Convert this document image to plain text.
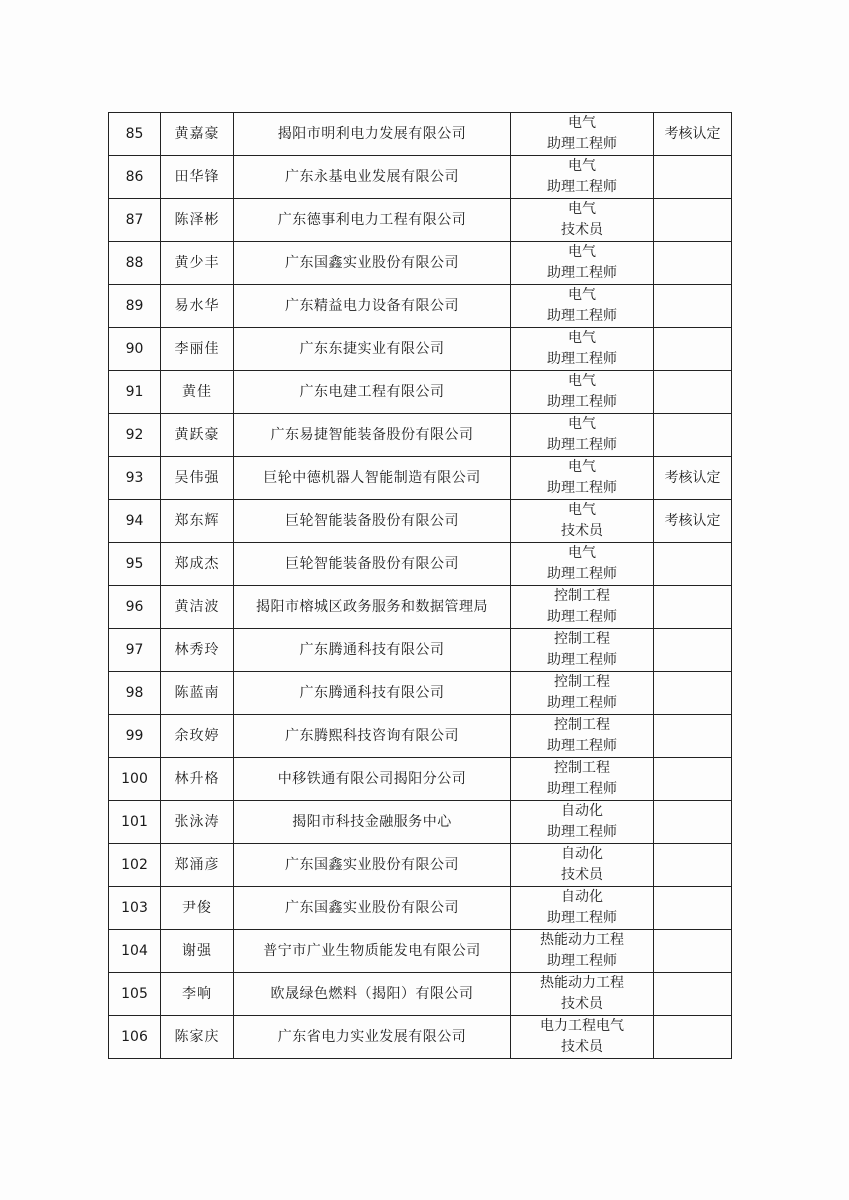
85	黄嘉豪	揭阳市明利电力发展有限公司	电气
助理工程师	考核认定
86	田华锋	广东永基电业发展有限公司	电气
助理工程师	

87	陈泽彬	广东德事利电力工程有限公司	电气
技术员	

88	黄少丰	广东国鑫实业股份有限公司	电气
助理工程师	

89	易水华	广东精益电力设备有限公司	电气
助理工程师	

90	李丽佳	广东东捷实业有限公司	电气
助理工程师	

91	黄佳	广东电建工程有限公司	电气
助理工程师	

92	黄跃豪	广东易捷智能装备股份有限公司	电气
助理工程师	

93	吴伟强	巨轮中德机器人智能制造有限公司	电气
助理工程师	考核认定
94	郑东辉	巨轮智能装备股份有限公司	电气
技术员	考核认定
95	郑成杰	巨轮智能装备股份有限公司	电气
助理工程师	

96	黄洁波	揭阳市榕城区政务服务和数据管理局	控制工程
助理工程师	

97	林秀玲	广东腾通科技有限公司	控制工程
助理工程师	

98	陈蓝南	广东腾通科技有限公司	控制工程
助理工程师	

99	余玫婷	广东腾熙科技咨询有限公司	控制工程
助理工程师	

100	林升格	中移铁通有限公司揭阳分公司	控制工程
助理工程师	

101	张泳涛	揭阳市科技金融服务中心	自动化
助理工程师	

102	郑涌彦	广东国鑫实业股份有限公司	自动化
技术员	

103	尹俊	广东国鑫实业股份有限公司	自动化
助理工程师	

104	谢强	普宁市广业生物质能发电有限公司	热能动力工程
助理工程师	

105	李响	欧晟绿色燃料（揭阳）有限公司	热能动力工程
技术员	

106	陈家庆	广东省电力实业发展有限公司	电力工程电气
技术员	
